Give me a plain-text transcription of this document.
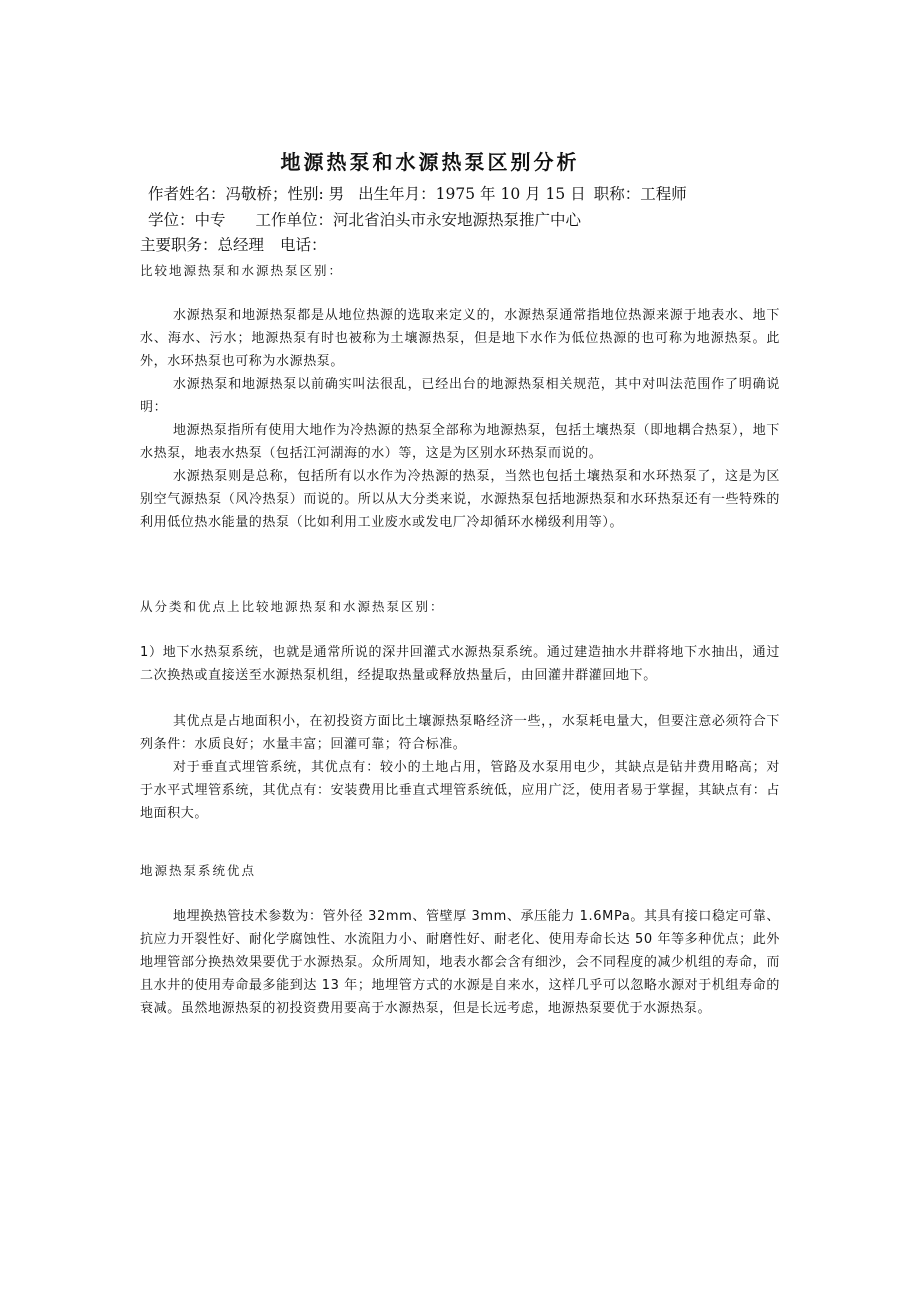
地源热泵和水源热泵区别分析
作者姓名：冯敬桥；性别: 男 出生年月：1975 年 10 月 15 日 职称：工程师
学位：中专 工作单位：河北省泊头市永安地源热泵推广中心
主要职务：总经理 电话：
比较地源热泵和水源热泵区别：
水源热泵和地源热泵都是从地位热源的选取来定义的，水源热泵通常指地位热源来源于地表水、地下水、海水、污水；地源热泵有时也被称为土壤源热泵，但是地下水作为低位热源的也可称为地源热泵。此外，水环热泵也可称为水源热泵。
水源热泵和地源热泵以前确实叫法很乱，已经出台的地源热泵相关规范，其中对叫法范围作了明确说明：
地源热泵指所有使用大地作为冷热源的热泵全部称为地源热泵，包括土壤热泵（即地耦合热泵），地下水热泵，地表水热泵（包括江河湖海的水）等，这是为区别水环热泵而说的。
水源热泵则是总称，包括所有以水作为冷热源的热泵，当然也包括土壤热泵和水环热泵了，这是为区别空气源热泵（风冷热泵）而说的。所以从大分类来说，水源热泵包括地源热泵和水环热泵还有一些特殊的利用低位热水能量的热泵（比如利用工业废水或发电厂冷却循环水梯级利用等）。
从分类和优点上比较地源热泵和水源热泵区别：
1）地下水热泵系统，也就是通常所说的深井回灌式水源热泵系统。通过建造抽水井群将地下水抽出，通过二次换热或直接送至水源热泵机组，经提取热量或释放热量后，由回灌井群灌回地下。
其优点是占地面积小，在初投资方面比土壤源热泵略经济一些，，水泵耗电量大，但要注意必须符合下列条件：水质良好；水量丰富；回灌可靠；符合标准。
对于垂直式埋管系统，其优点有：较小的土地占用，管路及水泵用电少，其缺点是钻井费用略高；对于水平式埋管系统，其优点有：安装费用比垂直式埋管系统低，应用广泛，使用者易于掌握，其缺点有：占地面积大。
地源热泵系统优点
地埋换热管技术参数为：管外径 32mm、管壁厚 3mm、承压能力 1.6MPa。其具有接口稳定可靠、抗应力开裂性好、耐化学腐蚀性、水流阻力小、耐磨性好、耐老化、使用寿命长达 50 年等多种优点；此外地埋管部分换热效果要优于水源热泵。众所周知，地表水都会含有细沙，会不同程度的减少机组的寿命，而且水井的使用寿命最多能到达 13 年；地埋管方式的水源是自来水，这样几乎可以忽略水源对于机组寿命的衰减。虽然地源热泵的初投资费用要高于水源热泵，但是长远考虑，地源热泵要优于水源热泵。
